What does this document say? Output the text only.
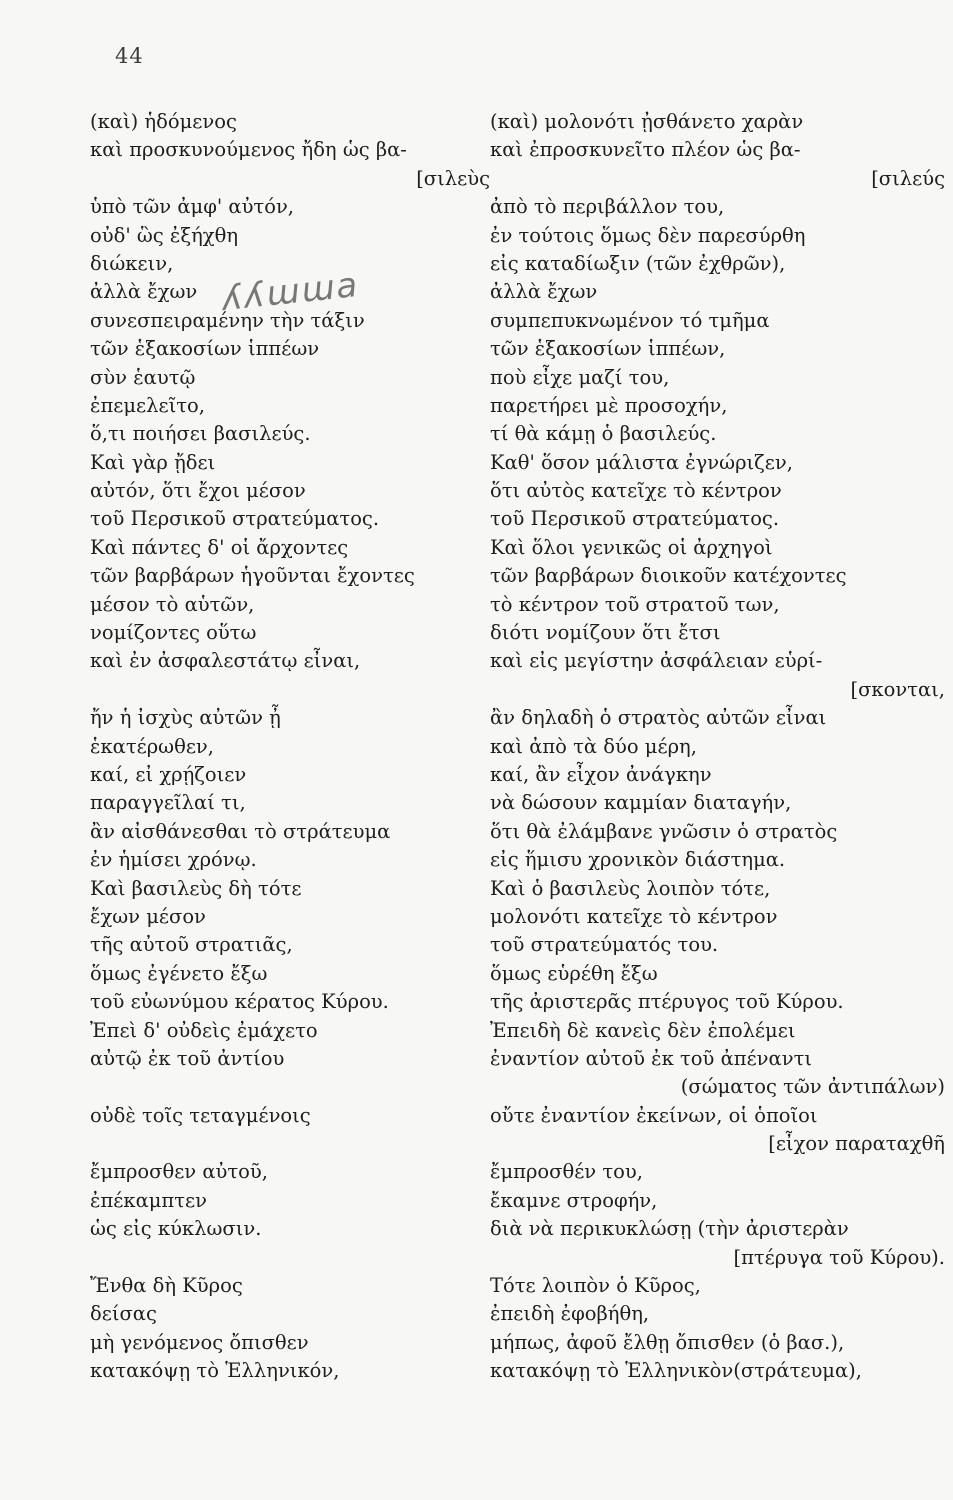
44
(καὶ) ἡδόμενος
καὶ προσκυνούμενος ἤδη ὡς βα-
[σιλεὺς
ὑπὸ τῶν ἀμφ' αὐτόν,
οὐδ' ὣς ἐξήχθη
διώκειν,
ἀλλὰ ἔχων
συνεσπειραμένην τὴν τάξιν
τῶν ἑξακοσίων ἱππέων
σὺν ἑαυτῷ
ἐπεμελεῖτο,
ὅ,τι ποιήσει βασιλεύς.
Καὶ γὰρ ᾔδει
αὐτόν, ὅτι ἔχοι μέσον
τοῦ Περσικοῦ στρατεύματος.
Καὶ πάντες δ' οἱ ἄρχοντες
τῶν βαρβάρων ἡγοῦνται ἔχοντες
μέσον τὸ αὑτῶν,
νομίζοντες οὕτω
καὶ ἐν ἀσφαλεστάτῳ εἶναι,
ἤν ἡ ἰσχὺς αὐτῶν ᾖ
ἑκατέρωθεν,
καί, εἰ χρῄζοιεν
παραγγεῖλαί τι,
ἂν αἰσθάνεσθαι τὸ στράτευμα
ἐν ἡμίσει χρόνῳ.
Καὶ βασιλεὺς δὴ τότε
ἔχων μέσον
τῆς αὐτοῦ στρατιᾶς,
ὅμως ἐγένετο ἔξω
τοῦ εὐωνύμου κέρατος Κύρου.
Ἐπεὶ δ' οὐδεὶς ἐμάχετο
αὐτῷ ἐκ τοῦ ἀντίου
οὐδὲ τοῖς τεταγμένοις
ἔμπροσθεν αὐτοῦ,
ἐπέκαμπτεν
ὡς εἰς κύκλωσιν.
Ἔνθα δὴ Κῦρος
δείσας
μὴ γενόμενος ὄπισθεν
κατακόψῃ τὸ Ἑλληνικόν,
(καὶ) μολονότι ᾐσθάνετο χαρὰν
καὶ ἐπροσκυνεῖτο πλέον ὡς βα-
[σιλεύς
ἀπὸ τὸ περιβάλλον του,
ἐν τούτοις ὅμως δὲν παρεσύρθη
εἰς καταδίωξιν (τῶν ἐχθρῶν),
ἀλλὰ ἔχων
συμπεπυκνωμένον τό τμῆμα
τῶν ἑξακοσίων ἱππέων,
ποὺ εἶχε μαζί του,
παρετήρει μὲ προσοχήν,
τί θὰ κάμῃ ὁ βασιλεύς.
Καθ' ὅσον μάλιστα ἐγνώριζεν,
ὅτι αὐτὸς κατεῖχε τὸ κέντρον
τοῦ Περσικοῦ στρατεύματος.
Καὶ ὅλοι γενικῶς οἱ ἀρχηγοὶ
τῶν βαρβάρων διοικοῦν κατέχοντες
τὸ κέντρον τοῦ στρατοῦ των,
διότι νομίζουν ὅτι ἔτσι
καὶ εἰς μεγίστην ἀσφάλειαν εὑρί-
[σκονται,
ἂν δηλαδὴ ὁ στρατὸς αὐτῶν εἶναι
καὶ ἀπὸ τὰ δύο μέρη,
καί, ἂν εἶχον ἀνάγκην
νὰ δώσουν καμμίαν διαταγήν,
ὅτι θὰ ἐλάμβανε γνῶσιν ὁ στρατὸς
εἰς ἥμισυ χρονικὸν διάστημα.
Καὶ ὁ βασιλεὺς λοιπὸν τότε,
μολονότι κατεῖχε τὸ κέντρον
τοῦ στρατεύματός του.
ὅμως εὑρέθη ἔξω
τῆς ἀριστερᾶς πτέρυγος τοῦ Κύρου.
Ἐπειδὴ δὲ κανεὶς δὲν ἐπολέμει
ἐναντίον αὐτοῦ ἐκ τοῦ ἀπέναντι
(σώματος τῶν ἀντιπάλων)
οὔτε ἐναντίον ἐκείνων, οἱ ὁποῖοι
[εἶχον παραταχθῆ
ἔμπροσθέν του,
ἔκαμνε στροφήν,
διὰ νὰ περικυκλώσῃ (τὴν ἀριστερὰν
[πτέρυγα τοῦ Κύρου).
Τότε λοιπὸν ὁ Κῦρος,
ἐπειδὴ ἐφοβήθη,
μήπως, ἀφοῦ ἔλθῃ ὄπισθεν (ὁ βασ.),
κατακόψῃ τὸ Ἑλληνικὸν(στράτευμα),
ʎʎɯɯa
